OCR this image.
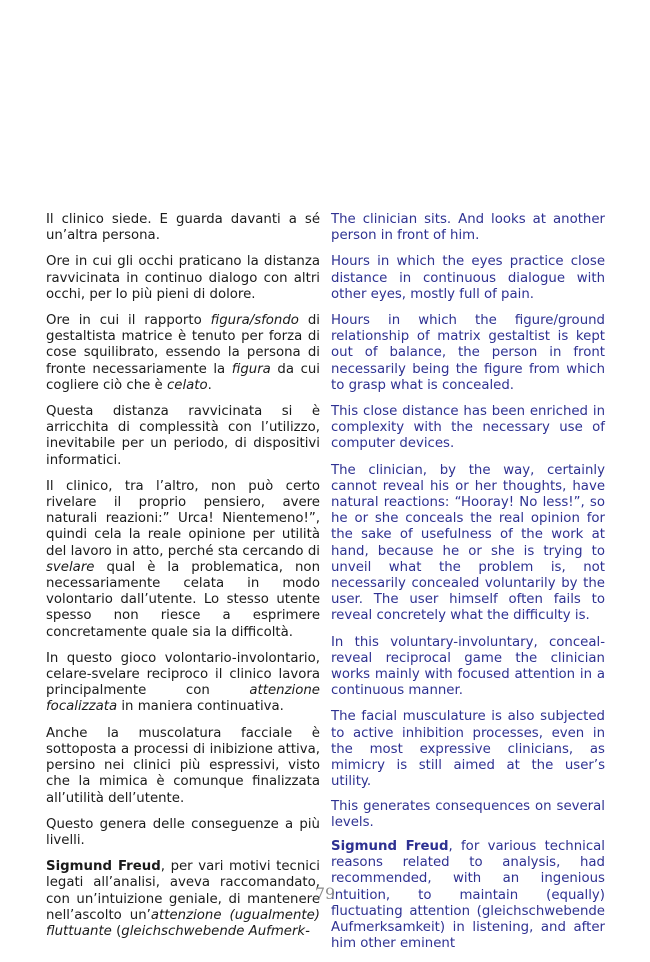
Il clinico siede. E guarda davanti a sé un’altra persona.

Ore in cui gli occhi praticano la distanza ravvicinata in continuo dialogo con altri occhi, per lo più pieni di dolore.

Ore in cui il rapporto figura/sfondo di gestaltista matrice è tenuto per forza di cose squilibrato, essendo la persona di fronte necessariamente la figura da cui cogliere ciò che è celato.

Questa distanza ravvicinata si è arricchita di complessità con l’utilizzo, inevitabile per un periodo, di dispositivi informatici.

Il clinico, tra l’altro, non può certo rivelare il proprio pensiero, avere naturali reazioni:” Urca! Nientemeno!”, quindi cela la reale opinione per utilità del lavoro in atto, perché sta cercando di svelare qual è la problematica, non necessariamente celata in modo volontario dall’utente. Lo stesso utente spesso non riesce a esprimere concretamente quale sia la difficoltà.

In questo gioco volontario-involontario, celare-svelare reciproco il clinico lavora principalmente con attenzione focalizzata in maniera continuativa.

Anche la muscolatura facciale è sottoposta a processi di inibizione attiva, persino nei clinici più espressivi, visto che la mimica è comunque finalizzata all’utilità dell’utente.

Questo genera delle conseguenze a più livelli.

Sigmund Freud, per vari motivi tecnici legati all’analisi, aveva raccomandato, con un’intuizione geniale, di mantenere nell’ascolto un’attenzione (ugualmente) fluttuante (gleichschwebende Aufmerk-

The clinician sits. And looks at another person in front of him.

Hours in which the eyes practice close distance in continuous dialogue with other eyes, mostly full of pain.

Hours in which the figure/ground relationship of matrix gestaltist is kept out of balance, the person in front necessarily being the figure from which to grasp what is concealed.

This close distance has been enriched in complexity with the necessary use of computer devices.

The clinician, by the way, certainly cannot reveal his or her thoughts, have natural reactions: “Hooray! No less!”, so he or she conceals the real opinion for the sake of usefulness of the work at hand, because he or she is trying to unveil what the problem is, not necessarily concealed voluntarily by the user. The user himself often fails to reveal concretely what the difficulty is.

In this voluntary-involuntary, conceal-reveal reciprocal game the clinician works mainly with focused attention in a continuous manner.

The facial musculature is also subjected to active inhibition processes, even in the most expressive clinicians, as mimicry is still aimed at the user’s utility.

This generates consequences on several levels.

Sigmund Freud, for various technical reasons related to analysis, had recommended, with an ingenious intuition, to maintain (equally) fluctuating attention (gleichschwebende Aufmerksamkeit) in listening, and after him other eminent

79
